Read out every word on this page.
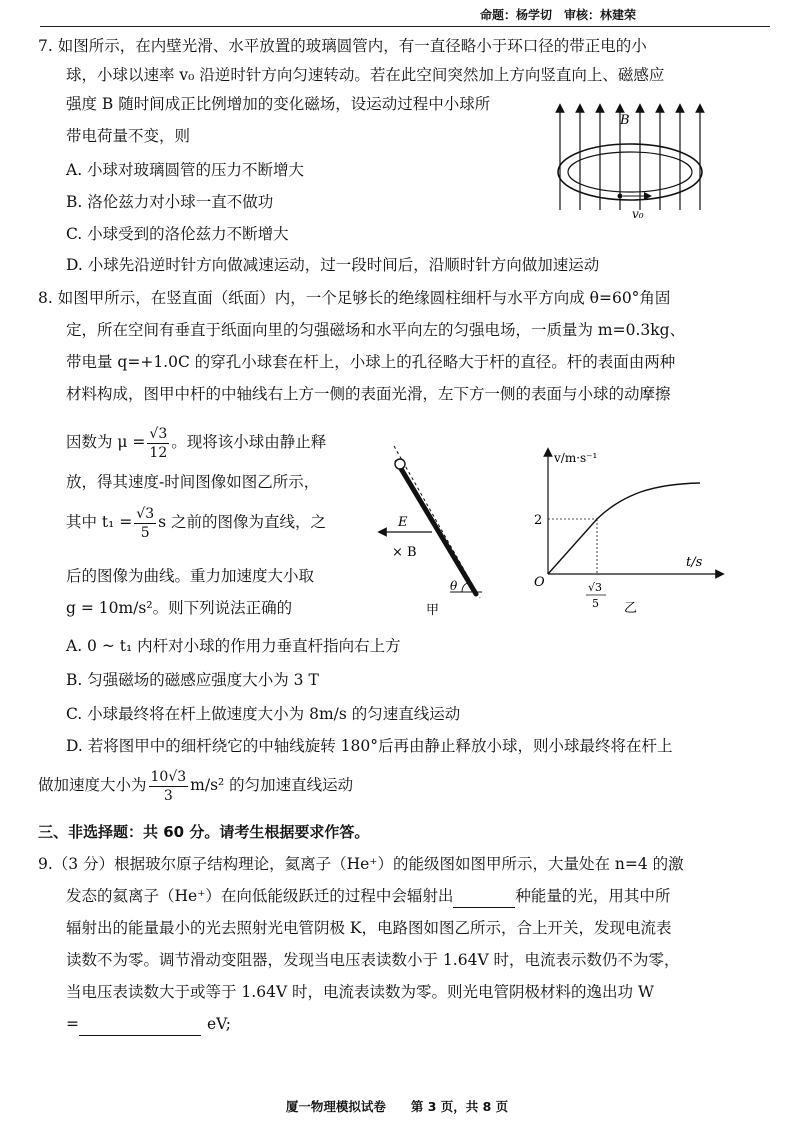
命题：杨学切　审核：林建荣
7. 如图所示，在内壁光滑、水平放置的玻璃圆管内，有一直径略小于环口径的带正电的小
球，小球以速率 v₀ 沿逆时针方向匀速转动。若在此空间突然加上方向竖直向上、磁感应
强度 B 随时间成正比例增加的变化磁场，设运动过程中小球所
带电荷量不变，则
A. 小球对玻璃圆管的压力不断增大
B. 洛伦兹力对小球一直不做功
C. 小球受到的洛伦兹力不断增大
D. 小球先沿逆时针方向做减速运动，过一段时间后，沿顺时针方向做加速运动
B
v₀
8. 如图甲所示，在竖直面（纸面）内，一个足够长的绝缘圆柱细杆与水平方向成 θ=60°角固
定，所在空间有垂直于纸面向里的匀强磁场和水平向左的匀强电场，一质量为 m=0.3kg、
带电量 q=+1.0C 的穿孔小球套在杆上，小球上的孔径略大于杆的直径。杆的表面由两种
材料构成，图甲中杆的中轴线右上方一侧的表面光滑，左下方一侧的表面与小球的动摩擦
因数为 $\mu = \frac{√3}{12}$ 。现将该小球由静止释
放，得其速度-时间图像如图乙所示，
其中 $t_1 = \frac{√3}{5}$ s 之前的图像为直线，之
后的图像为曲线。重力加速度大小取
g = 10m/s²。则下列说法正确的
E
× B
θ
甲
v/m·s⁻¹
t/s
O
2
√3
5 乙
A. 0 ~ t₁ 内杆对小球的作用力垂直杆指向右上方
B. 匀强磁场的磁感应强度大小为 3 T
C. 小球最终将在杆上做速度大小为 8m/s 的匀速直线运动
D. 若将图甲中的细杆绕它的中轴线旋转 180°后再由静止释放小球，则小球最终将在杆上
做加速度大小为 $\frac{10√3}{3} m/s^2$ 的匀加速直线运动
三、非选择题：共 60 分。请考生根据要求作答。
9.（3 分）根据玻尔原子结构理论，氦离子（He⁺）的能级图如图甲所示，大量处在 n=4 的激
发态的氦离子（He⁺）在向低能级跃迁的过程中会辐射出	种能量的光，用其中所
辐射出的能量最小的光去照射光电管阴极 K，电路图如图乙所示，合上开关，发现电流表
读数不为零。调节滑动变阻器，发现当电压表读数小于 1.64V 时，电流表示数仍不为零，
当电压表读数大于或等于 1.64V 时，电流表读数为零。则光电管阴极材料的逸出功 W
=	eV;
厦一物理模拟试卷　　第 3 页，共 8 页
